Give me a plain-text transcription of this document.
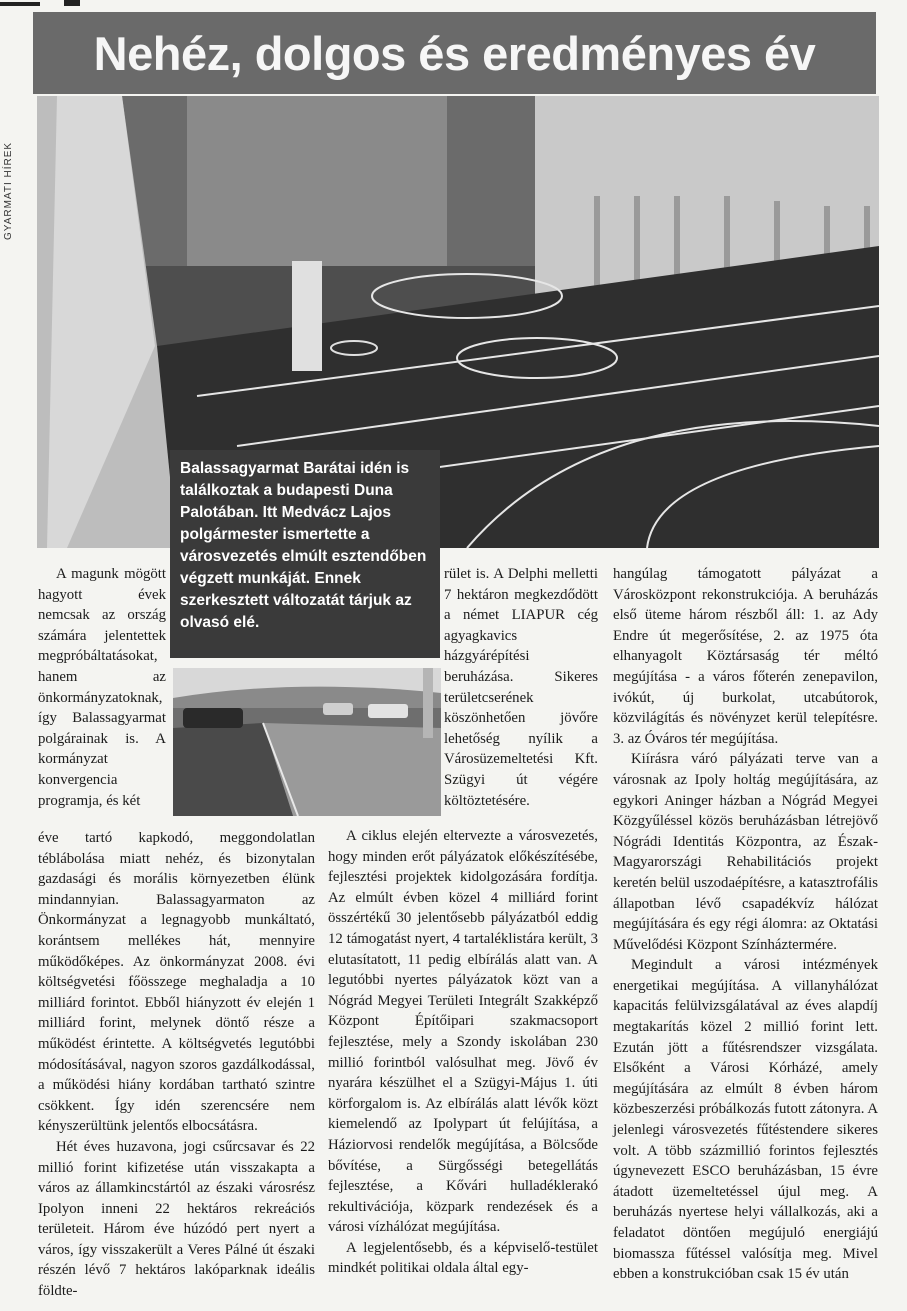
GYARMATI HÍREK
Nehéz, dolgos és eredményes év
Balassagyarmat Barátai idén is találkoztak a budapesti Duna Palotában. Itt Medvácz Lajos polgármester ismertette a városvezetés elmúlt esztendőben végzett munkáját. Ennek szerkesztett változatát tárjuk az olvasó elé.
A magunk mögött hagyott évek nemcsak az ország számára jelentettek megpróbáltatásokat, hanem az önkormányzatoknak, így Balassagyarmat polgárainak is. A kormányzat konvergencia programja, és két

éve tartó kapkodó, meggondolatlan téblábolása miatt nehéz, és bizonytalan gazdasági és morális környezetben élünk mindannyian. Balassagyarmaton az Önkormányzat a legnagyobb munkáltató, korántsem mellékes hát, mennyire működőképes. Az önkormányzat 2008. évi költségvetési főösszege meghaladja a 10 milliárd forintot. Ebből hiányzott év elején 1 milliárd forint, melynek döntő része a működést érintette. A költségvetés legutóbbi módosításával, nagyon szoros gazdálkodással, a működési hiány kordában tartható szintre csökkent. Így idén szerencsére nem kényszerültünk jelentős elbocsátásra.

Hét éves huzavona, jogi csűrcsavar és 22 millió forint kifizetése után visszakapta a város az államkincstártól az északi városrész Ipolyon inneni 22 hektáros rekreációs területeit. Három éve húzódó pert nyert a város, így visszakerült a Veres Pálné út északi részén lévő 7 hektáros lakóparknak ideális földte-

rület is. A Delphi melletti 7 hektáron megkezdődött a német LIAPUR cég agyagkavics házgyárépítési beruházása. Sikeres területcserének köszönhetően jövőre lehetőség nyílik a Városüzemeltetési Kft. Szügyi út végére költöztetésére.

A ciklus elején eltervezte a városvezetés, hogy minden erőt pályázatok előkészítésébe, fejlesztési projektek kidolgozására fordítja. Az elmúlt évben közel 4 milliárd forint összértékű 30 jelentősebb pályázatból eddig 12 támogatást nyert, 4 tartaléklistára került, 3 elutasítatott, 11 pedig elbírálás alatt van. A legutóbbi nyertes pályázatok közt van a Nógrád Megyei Területi Integrált Szakképző Központ Építőipari szakmacsoport fejlesztése, mely a Szondy iskolában 230 millió forintból valósulhat meg. Jövő év nyarára készülhet el a Szügyi-Május 1. úti körforgalom is. Az elbírálás alatt lévők közt kiemelendő az Ipolypart út felújítása, a Háziorvosi rendelők megújítása, a Bölcsőde bővítése, a Sürgősségi betegellátás fejlesztése, a Kővári hulladéklerakó rekultivációja, közpark rendezések és a városi vízhálózat megújítása.

A legjelentősebb, és a képviselő-testület mindkét politikai oldala által egy-

hangúlag támogatott pályázat a Városközpont rekonstrukciója. A beruházás első üteme három részből áll: 1. az Ady Endre út megerősítése, 2. az 1975 óta elhanyagolt Köztársaság tér méltó megújítása - a város főterén zenepavilon, ivókút, új burkolat, utcabútorok, közvilágítás és növényzet kerül telepítésre. 3. az Óváros tér megújítása.

Kiírásra váró pályázati terve van a városnak az Ipoly holtág megújítására, az egykori Aninger házban a Nógrád Megyei Közgyűléssel közös beruházásban létrejövő Nógrádi Identitás Központra, az Észak-Magyarországi Rehabilitációs projekt keretén belül uszodaépítésre, a katasztrofális állapotban lévő csapadékvíz hálózat megújítására és egy régi álomra: az Oktatási Művelődési Központ Színháztermére.

Megindult a városi intézmények energetikai megújítása. A villanyhálózat kapacitás felülvizsgálatával az éves alapdíj megtakarítás közel 2 millió forint lett. Ezután jött a fűtésrendszer vizsgálata. Elsőként a Városi Kórházé, amely megújítására az elmúlt 8 évben három közbeszerzési próbálkozás futott zátonyra. A jelenlegi városvezetés fűtéstendere sikeres volt. A több százmillió forintos fejlesztés úgynevezett ESCO beruházásban, 15 évre átadott üzemeltetéssel újul meg. A beruházás nyertese helyi vállalkozás, aki a feladatot döntően megújuló energiájú biomassza fűtéssel valósítja meg. Mivel ebben a konstrukcióban csak 15 év után
